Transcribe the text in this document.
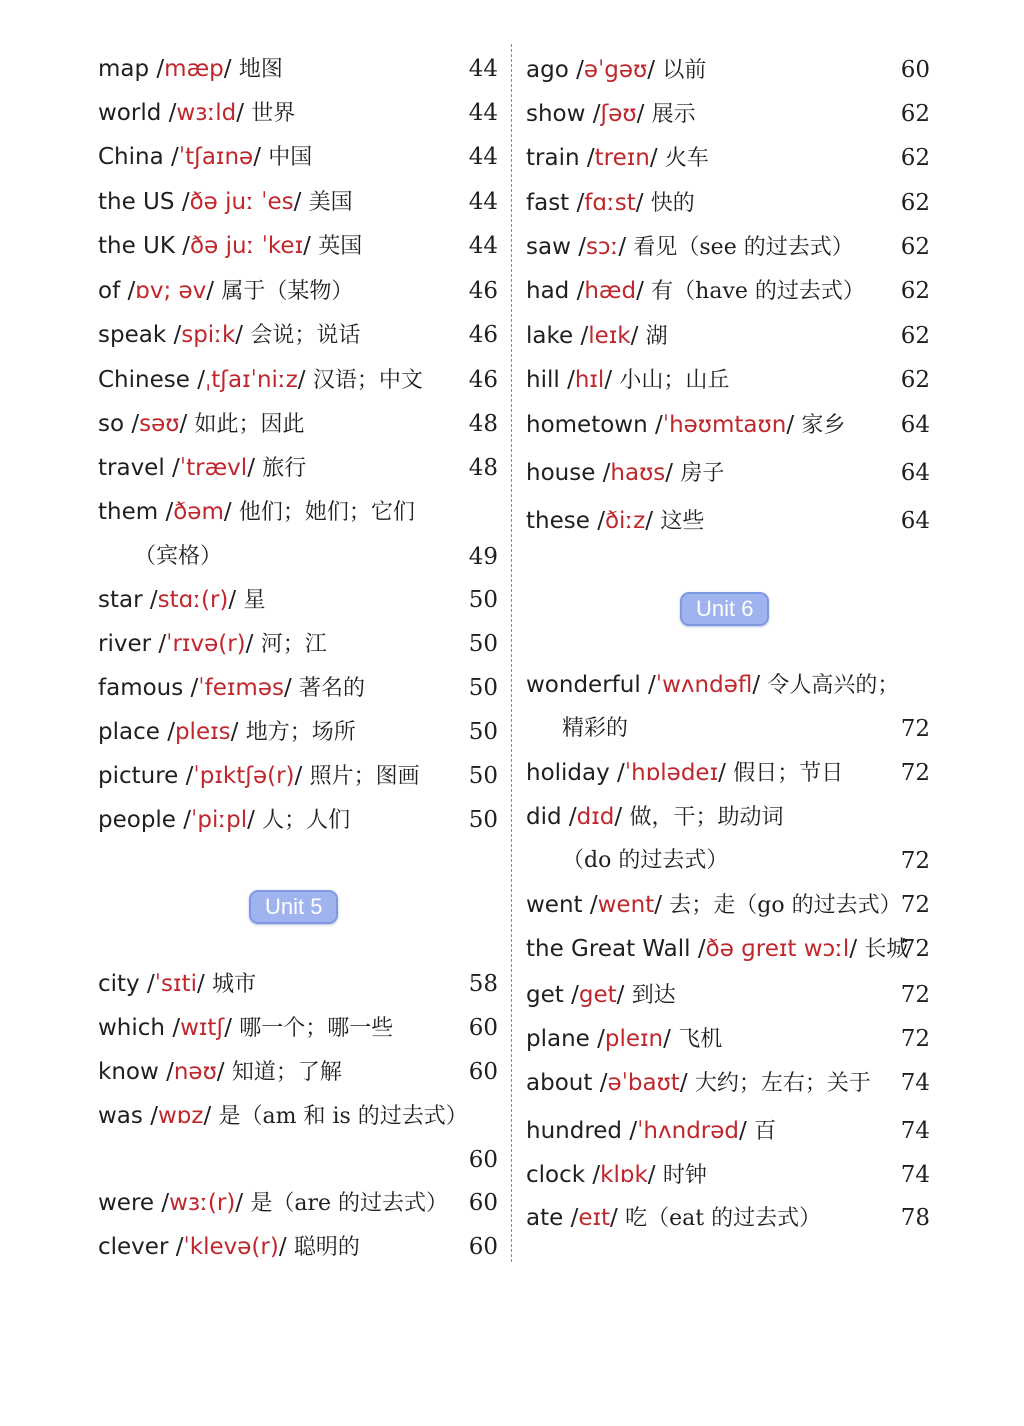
map /mæp/ 地图	44
world /wɜːld/ 世界	44
China /ˈtʃaɪnə/ 中国	44
the US /ðə juː ˈes/ 美国	44
the UK /ðə juː ˈkeɪ/ 英国	44
of /ɒv; əv/ 属于（某物）	46
speak /spiːk/ 会说；说话	46
Chinese /ˌtʃaɪˈniːz/ 汉语；中文 46
so /səʊ/ 如此；因此	48
travel /ˈtrævl/ 旅行	48
them /ðəm/ 他们；她们；它们
（宾格）	49
star /stɑː(r)/ 星	50
river /ˈrɪvə(r)/ 河；江	50
famous /ˈfeɪməs/ 著名的	50
place /pleɪs/ 地方；场所	50
picture /ˈpɪktʃə(r)/ 照片；图画 50
people /ˈpiːpl/ 人；人们	50
city /ˈsɪti/ 城市	58
which /wɪtʃ/ 哪一个；哪一些	60
know /nəʊ/ 知道；了解	60
was /wɒz/ 是（am 和 is 的过去式）
60
were /wɜː(r)/ 是（are 的过去式） 60
clever /ˈklevə(r)/ 聪明的	60
ago /əˈgəʊ/ 以前	60
show /ʃəʊ/ 展示	62
train /treɪn/ 火车	62
fast /fɑːst/ 快的	62
saw /sɔː/ 看见（see 的过去式） 62
had /hæd/ 有（have 的过去式） 62
lake /leɪk/ 湖	62
hill /hɪl/ 小山；山丘	62
hometown /ˈhəʊmtaʊn/ 家乡 64
house /haʊs/ 房子	64
these /ðiːz/ 这些	64
wonderful /ˈwʌndəfl/ 令人高兴的；
精彩的	72
holiday /ˈhɒlədeɪ/ 假日；节日	72
did /dɪd/ 做，干；助动词
（do 的过去式）	72
went /went/ 去；走（go 的过去式） 72
the Great Wall /ðə ɡreɪt wɔːl/ 长城
72
get /get/ 到达	72
plane /pleɪn/ 飞机	72
about /əˈbaʊt/ 大约；左右；关于 74
hundred /ˈhʌndrəd/ 百	74
clock /klɒk/ 时钟	74
ate /eɪt/ 吃（eat 的过去式）	78
Unit 5
Unit 6
